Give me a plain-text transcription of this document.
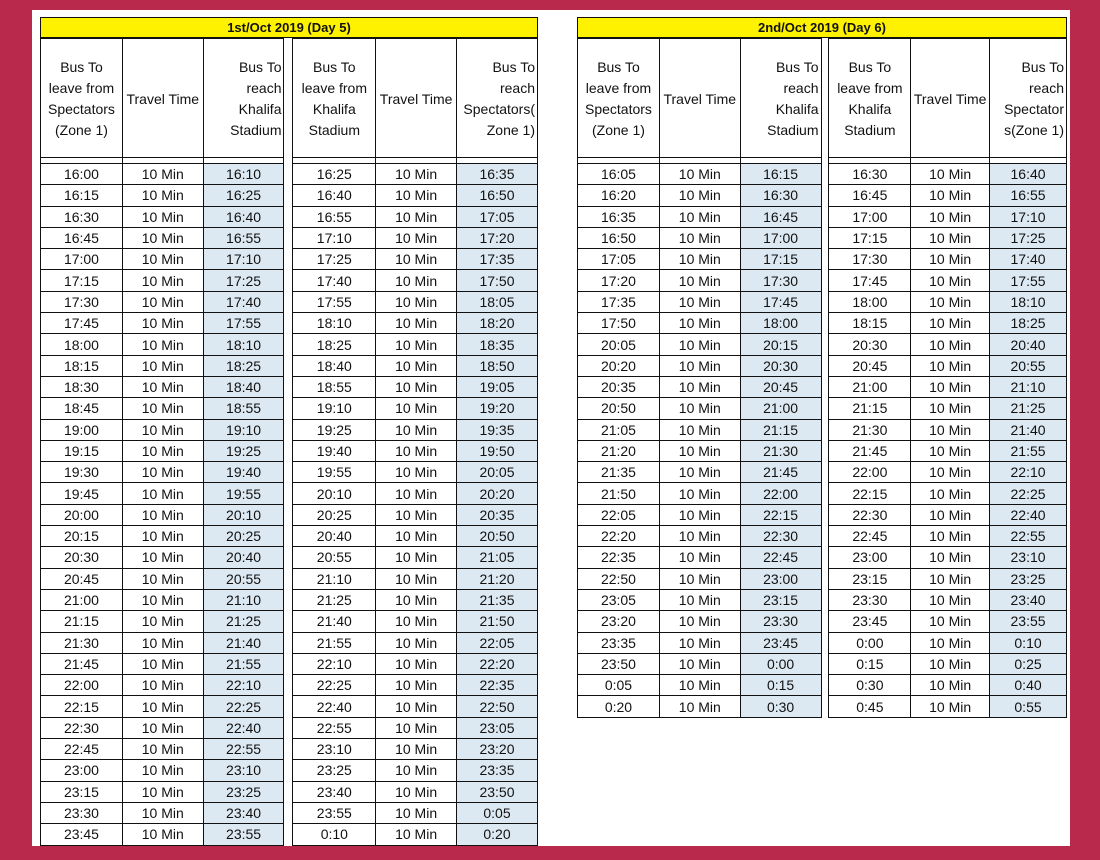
1st/Oct 2019 (Day 5)
Bus To leave from Spectators (Zone 1)	Travel Time	Bus To reach Khalifa Stadium		Bus To leave from Khalifa Stadium	Travel Time	Bus To reach Spectators( Zone 1)

16:00	10 Min	16:10		16:25	10 Min	16:35
16:15	10 Min	16:25		16:40	10 Min	16:50
16:30	10 Min	16:40		16:55	10 Min	17:05
16:45	10 Min	16:55		17:10	10 Min	17:20
17:00	10 Min	17:10		17:25	10 Min	17:35
17:15	10 Min	17:25		17:40	10 Min	17:50
17:30	10 Min	17:40		17:55	10 Min	18:05
17:45	10 Min	17:55		18:10	10 Min	18:20
18:00	10 Min	18:10		18:25	10 Min	18:35
18:15	10 Min	18:25		18:40	10 Min	18:50
18:30	10 Min	18:40		18:55	10 Min	19:05
18:45	10 Min	18:55		19:10	10 Min	19:20
19:00	10 Min	19:10		19:25	10 Min	19:35
19:15	10 Min	19:25		19:40	10 Min	19:50
19:30	10 Min	19:40		19:55	10 Min	20:05
19:45	10 Min	19:55		20:10	10 Min	20:20
20:00	10 Min	20:10		20:25	10 Min	20:35
20:15	10 Min	20:25		20:40	10 Min	20:50
20:30	10 Min	20:40		20:55	10 Min	21:05
20:45	10 Min	20:55		21:10	10 Min	21:20
21:00	10 Min	21:10		21:25	10 Min	21:35
21:15	10 Min	21:25		21:40	10 Min	21:50
21:30	10 Min	21:40		21:55	10 Min	22:05
21:45	10 Min	21:55		22:10	10 Min	22:20
22:00	10 Min	22:10		22:25	10 Min	22:35
22:15	10 Min	22:25		22:40	10 Min	22:50
22:30	10 Min	22:40		22:55	10 Min	23:05
22:45	10 Min	22:55		23:10	10 Min	23:20
23:00	10 Min	23:10		23:25	10 Min	23:35
23:15	10 Min	23:25		23:40	10 Min	23:50
23:30	10 Min	23:40		23:55	10 Min	0:05
23:45	10 Min	23:55		0:10	10 Min	0:20
2nd/Oct 2019 (Day 6)
Bus To leave from Spectators (Zone 1)	Travel Time	Bus To reach Khalifa Stadium		Bus To leave from Khalifa Stadium	Travel Time	Bus To reach Spectator s(Zone 1)

16:05	10 Min	16:15		16:30	10 Min	16:40
16:20	10 Min	16:30		16:45	10 Min	16:55
16:35	10 Min	16:45		17:00	10 Min	17:10
16:50	10 Min	17:00		17:15	10 Min	17:25
17:05	10 Min	17:15		17:30	10 Min	17:40
17:20	10 Min	17:30		17:45	10 Min	17:55
17:35	10 Min	17:45		18:00	10 Min	18:10
17:50	10 Min	18:00		18:15	10 Min	18:25
20:05	10 Min	20:15		20:30	10 Min	20:40
20:20	10 Min	20:30		20:45	10 Min	20:55
20:35	10 Min	20:45		21:00	10 Min	21:10
20:50	10 Min	21:00		21:15	10 Min	21:25
21:05	10 Min	21:15		21:30	10 Min	21:40
21:20	10 Min	21:30		21:45	10 Min	21:55
21:35	10 Min	21:45		22:00	10 Min	22:10
21:50	10 Min	22:00		22:15	10 Min	22:25
22:05	10 Min	22:15		22:30	10 Min	22:40
22:20	10 Min	22:30		22:45	10 Min	22:55
22:35	10 Min	22:45		23:00	10 Min	23:10
22:50	10 Min	23:00		23:15	10 Min	23:25
23:05	10 Min	23:15		23:30	10 Min	23:40
23:20	10 Min	23:30		23:45	10 Min	23:55
23:35	10 Min	23:45		0:00	10 Min	0:10
23:50	10 Min	0:00		0:15	10 Min	0:25
0:05	10 Min	0:15		0:30	10 Min	0:40
0:20	10 Min	0:30		0:45	10 Min	0:55
